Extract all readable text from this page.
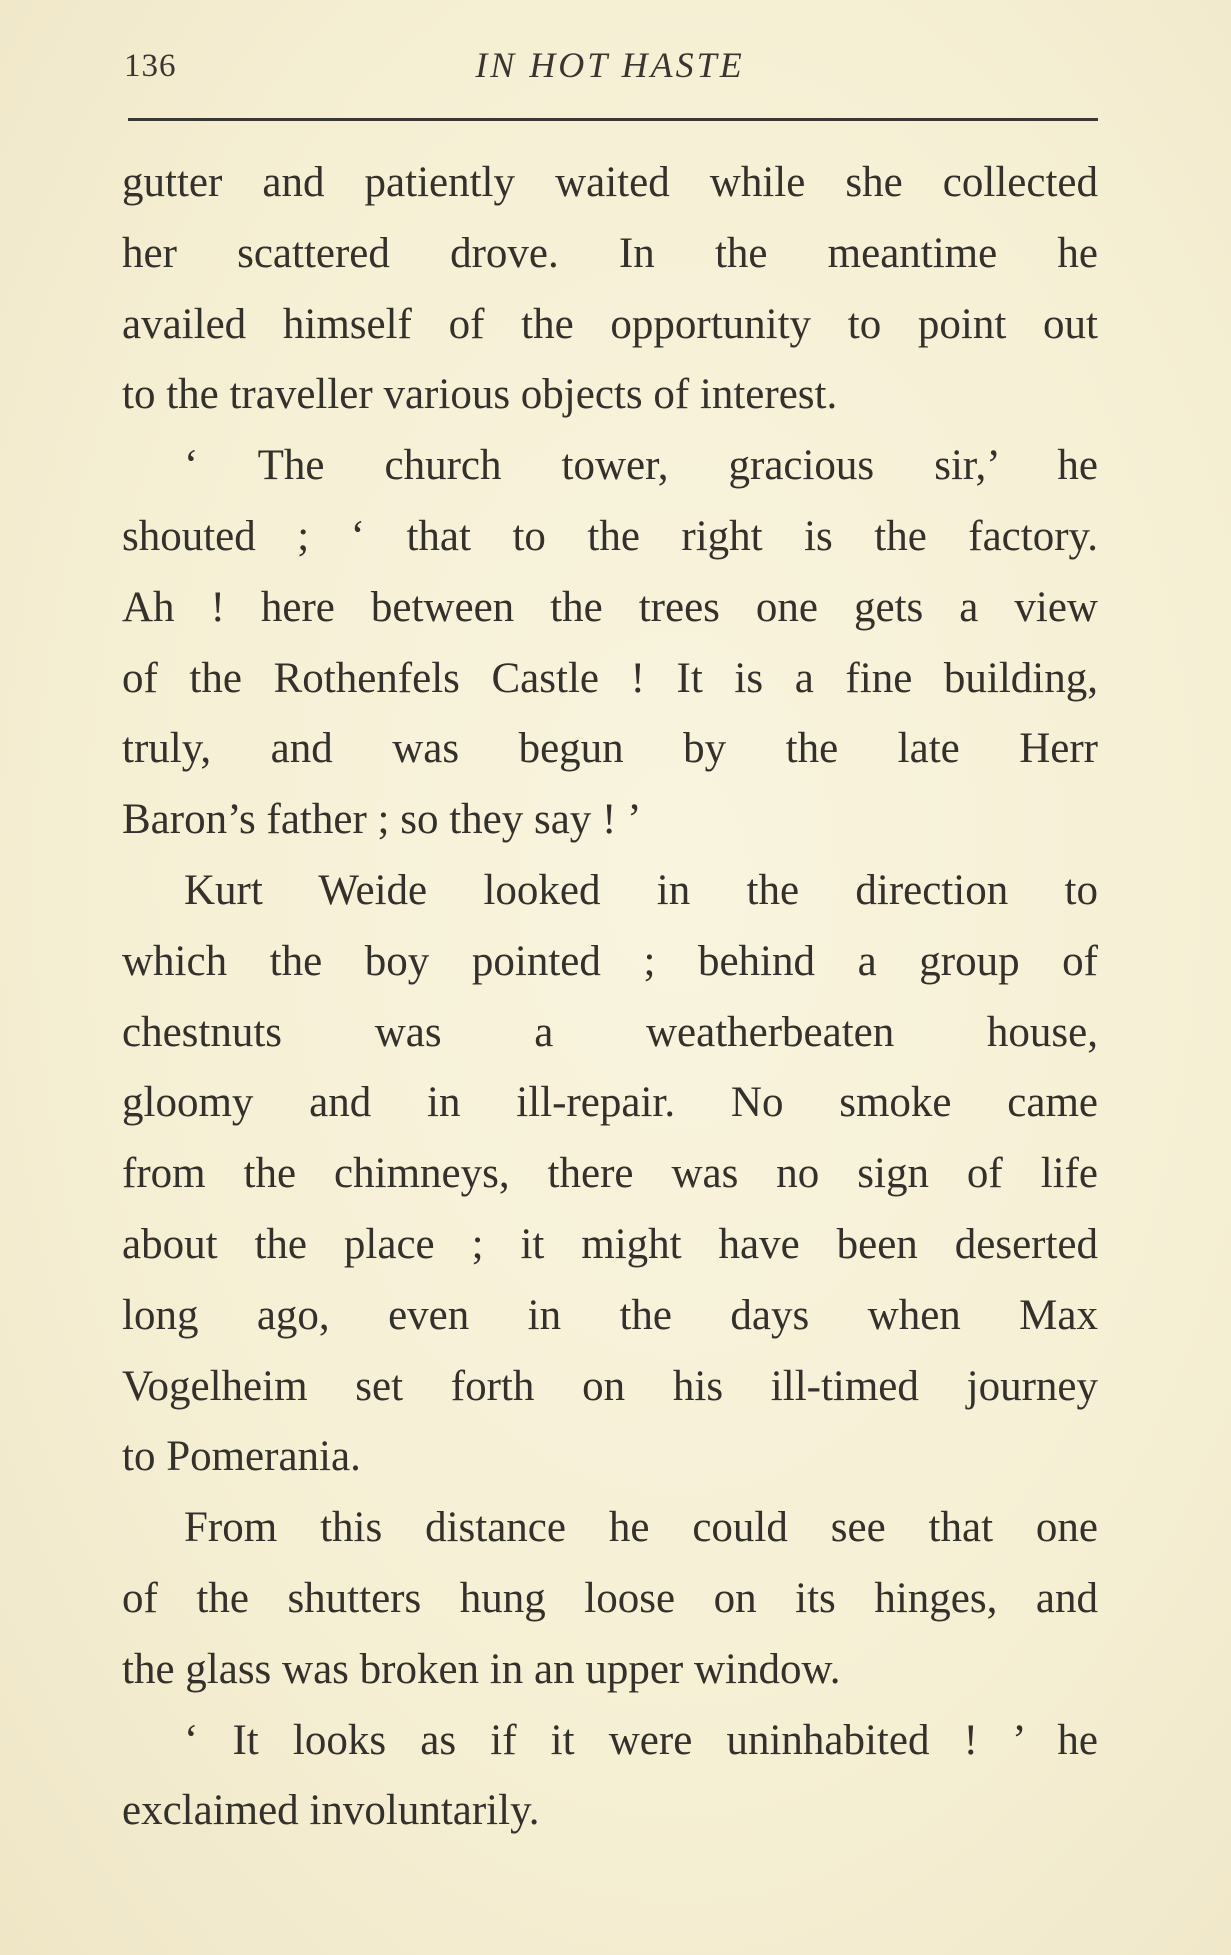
136	IN HOT HASTE
gutter and patiently waited while she collected
her scattered drove. In the meantime he
availed himself of the opportunity to point out
to the traveller various objects of interest.
‘ The church tower, gracious sir,’ he
shouted ; ‘ that to the right is the factory.
Ah ! here between the trees one gets a view
of the Rothenfels Castle ! It is a fine building,
truly, and was begun by the late Herr
Baron’s father ; so they say ! ’
Kurt Weide looked in the direction to
which the boy pointed ; behind a group of
chestnuts was a weatherbeaten house,
gloomy and in ill-repair. No smoke came
from the chimneys, there was no sign of life
about the place ; it might have been deserted
long ago, even in the days when Max
Vogelheim set forth on his ill-timed journey
to Pomerania.
From this distance he could see that one
of the shutters hung loose on its hinges, and
the glass was broken in an upper window.
‘ It looks as if it were uninhabited ! ’ he
exclaimed involuntarily.
